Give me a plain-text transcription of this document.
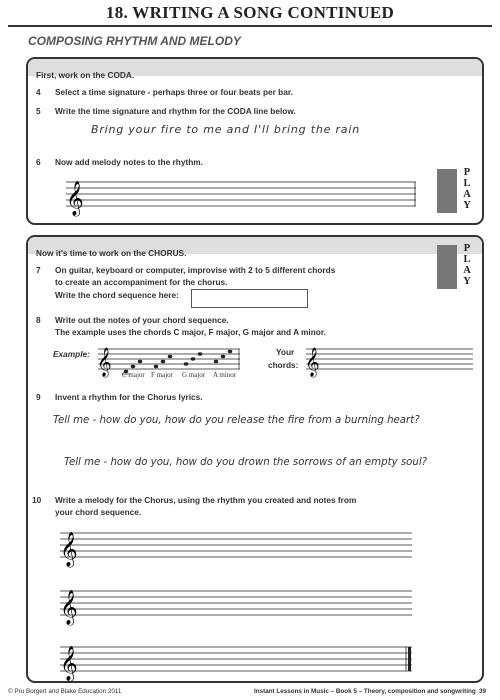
18. WRITING A SONG CONTINUED
COMPOSING RHYTHM AND MELODY
First, work on the CODA.
4 Select a time signature - perhaps three or four beats per bar.
5 Write the time signature and rhythm for the CODA line below.
Bring your fire to me and I'll bring the rain
6 Now add melody notes to the rhythm.
𝄞
P
L
A
Y
Now it's time to work on the CHORUS.	P
L
A
Y
7 On guitar, keyboard or computer, improvise with 2 to 5 different chords
to create an accompaniment for the chorus.
Write the chord sequence here:
8 Write out the notes of your chord sequence.
The example uses the chords C major, F major, G major and A minor.
Example: 𝄞 C major F major G major A minor
Your
chords: 𝄞
9 Invent a rhythm for the Chorus lyrics.
Tell me - how do you, how do you release the fire from a burning heart?
Tell me - how do you, how do you drown the sorrows of an empty soul?
10 Write a melody for the Chorus, using the rhythm you created and notes from
your chord sequence.
𝄞
𝄞
𝄞
© Pru Borgert and Blake Education 2011	Instant Lessons in Music – Book 5 – Theory, composition and songwriting 39
